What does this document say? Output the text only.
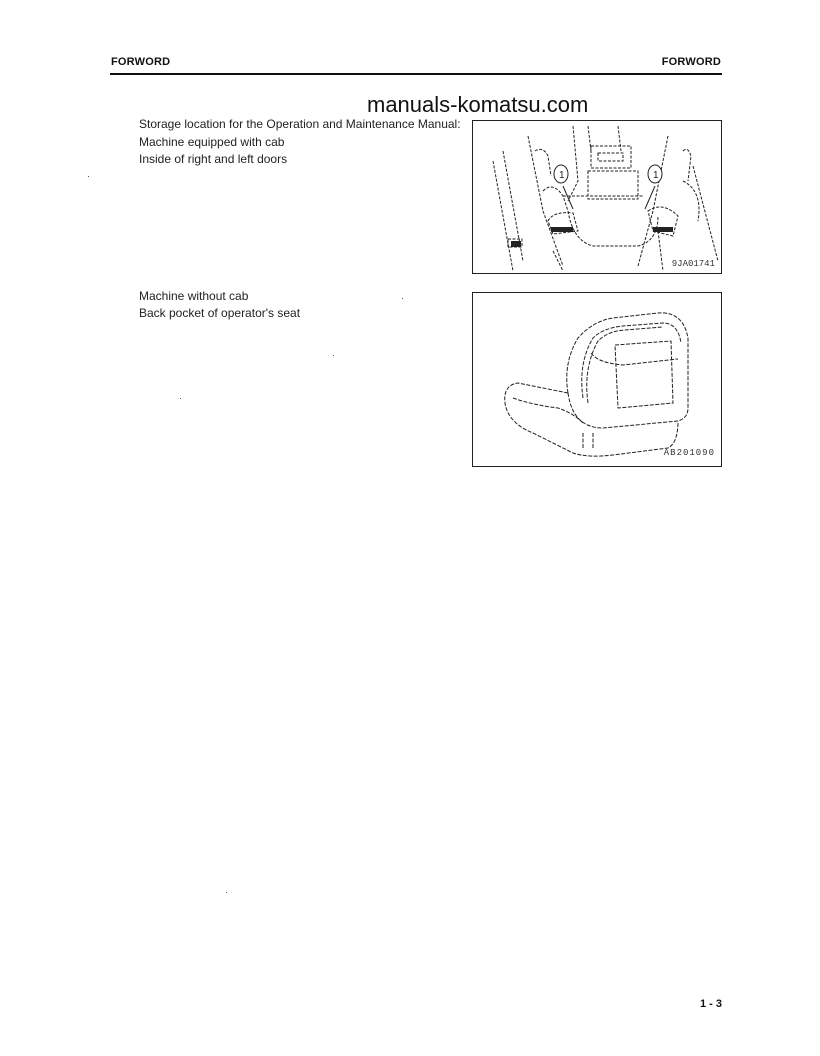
FORWORD	FORWORD
manuals-komatsu.com
Storage location for the Operation and Maintenance Manual:
Machine equipped with cab
Inside of right and left doors
1	1
9JA01741
Machine without cab
Back pocket of operator's seat
AB201090
1 - 3
